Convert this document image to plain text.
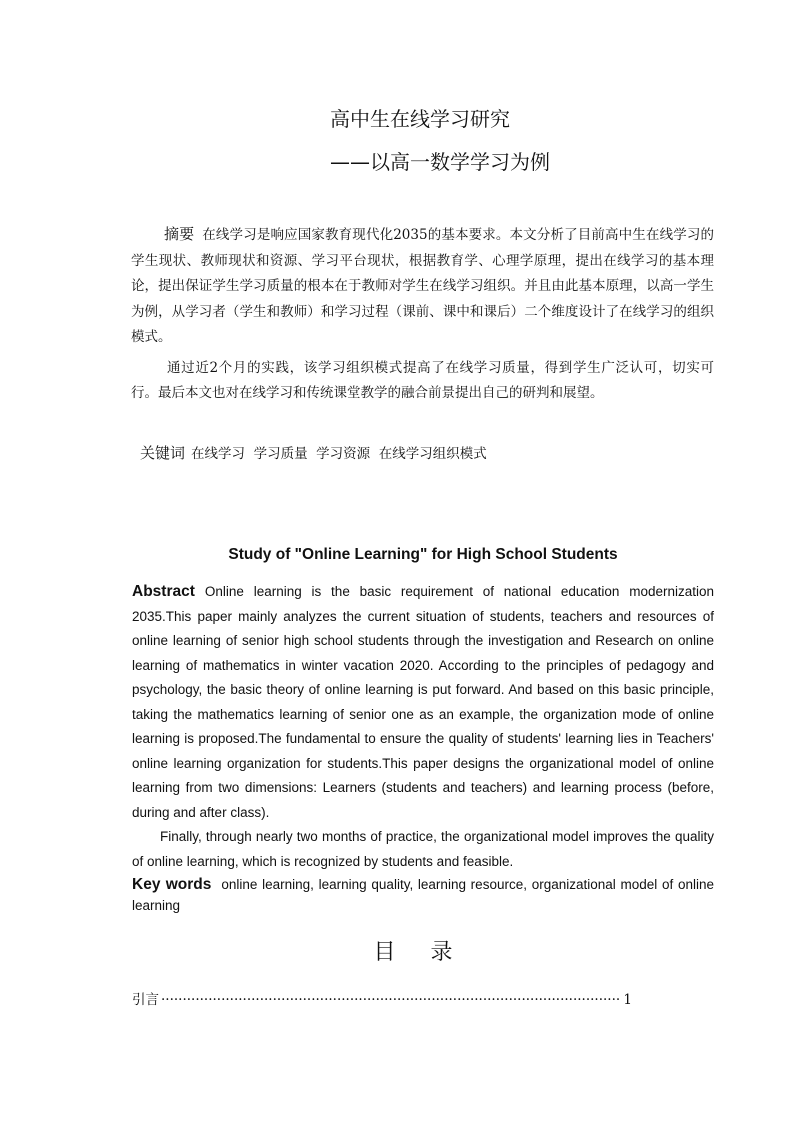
高中生在线学习研究
——以高一数学学习为例

摘要 在线学习是响应国家教育现代化2035的基本要求。本文分析了目前高中生在线学习的学生现状、教师现状和资源、学习平台现状，根据教育学、心理学原理，提出在线学习的基本理论，提出保证学生学习质量的根本在于教师对学生在线学习组织。并且由此基本原理，以高一学生为例，从学习者（学生和教师）和学习过程（课前、课中和课后）二个维度设计了在线学习的组织模式。

通过近2个月的实践，该学习组织模式提高了在线学习质量，得到学生广泛认可，切实可行。最后本文也对在线学习和传统课堂教学的融合前景提出自己的研判和展望。

关键词 在线学习  学习质量  学习资源  在线学习组织模式
Study of "Online Learning" for High School Students

Abstract Online learning is the basic requirement of national education modernization 2035.This paper mainly analyzes the current situation of students, teachers and resources of online learning of senior high school students through the investigation and Research on online learning of mathematics in winter vacation 2020. According to the principles of pedagogy and psychology, the basic theory of online learning is put forward. And based on this basic principle, taking the mathematics learning of senior one as an example, the organization mode of online learning is proposed.The fundamental to ensure the quality of students' learning lies in Teachers' online learning organization for students.This paper designs the organizational model of online learning from two dimensions: Learners (students and teachers) and learning process (before, during and after class).

Finally, through nearly two months of practice, the organizational model improves the quality of online learning, which is recognized by students and feasible.

Key words online learning, learning quality, learning resource, organizational model of online learning

目 录
引言
·····	1
